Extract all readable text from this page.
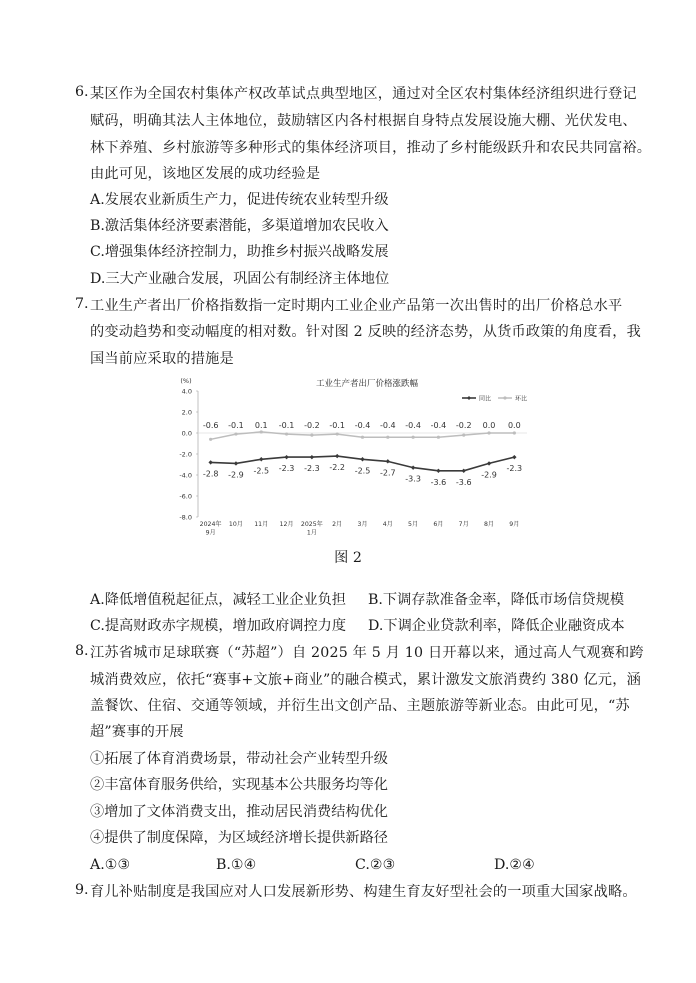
6. 某区作为全国农村集体产权改革试点典型地区，通过对全区农村集体经济组织进行登记
赋码，明确其法人主体地位，鼓励辖区内各村根据自身特点发展设施大棚、光伏发电、
林下养殖、乡村旅游等多种形式的集体经济项目，推动了乡村能级跃升和农民共同富裕。
由此可见，该地区发展的成功经验是
A.发展农业新质生产力，促进传统农业转型升级
B.激活集体经济要素潜能，多渠道增加农民收入
C.增强集体经济控制力，助推乡村振兴战略发展
D.三大产业融合发展，巩固公有制经济主体地位
7. 工业生产者出厂价格指数指一定时期内工业企业产品第一次出售时的出厂价格总水平
的变动趋势和变动幅度的相对数。针对图 2 反映的经济态势，从货币政策的角度看，我
国当前应采取的措施是
工业生产者出厂价格涨跌幅
(%)
4.0
2.0
0.0
-2.0
-4.0
-6.0
-8.0
2024年
9月
10月 11月 12月 2025年
1月
2月 3月 4月 5月 6月 7月 8月 9月
-2.8 -2.9 -2.5 -2.3 -2.3 -2.2 -2.5 -2.7
-3.3 -3.6 -3.6
-2.9
-2.3
-0.6 -0.1 0.1 -0.1 -0.2 -0.1 -0.4 -0.4 -0.4 -0.4 -0.2 0.0 0.0
同比	环比
图 2
A.降低增值税起征点，减轻工业企业负担 B.下调存款准备金率，降低市场信贷规模
C.提高财政赤字规模，增加政府调控力度 D.下调企业贷款利率，降低企业融资成本
8. 江苏省城市足球联赛（“苏超”）自 2025 年 5 月 10 日开幕以来，通过高人气观赛和跨
城消费效应，依托“赛事+文旅+商业”的融合模式，累计激发文旅消费约 380 亿元，涵
盖餐饮、住宿、交通等领域，并衍生出文创产品、主题旅游等新业态。由此可见，“苏
超”赛事的开展
①拓展了体育消费场景，带动社会产业转型升级
②丰富体育服务供给，实现基本公共服务均等化
③增加了文体消费支出，推动居民消费结构优化
④提供了制度保障，为区域经济增长提供新路径
A.①③	B.①④	C.②③	D.②④
9. 育儿补贴制度是我国应对人口发展新形势、构建生育友好型社会的一项重大国家战略。
